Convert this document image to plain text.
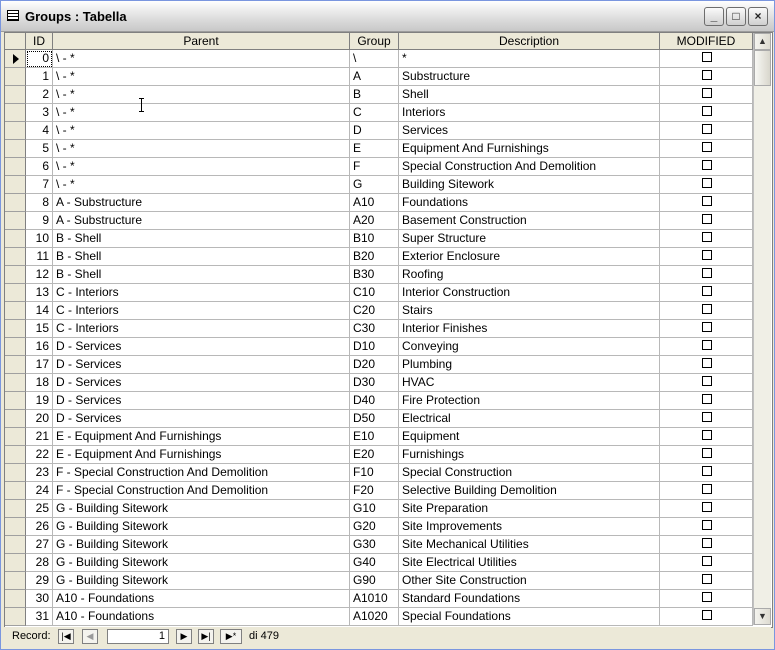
Groups : Tabella	_	□	×
ID	Parent	Group	Description	MODIFIED
0 \ - *	\	*
1 \ - *	A	Substructure
2 \ - *	B	Shell
3 \ - *	C	Interiors
4 \ - *	D	Services
5 \ - *	E	Equipment And Furnishings
6 \ - *	F	Special Construction And Demolition
7 \ - *	G	Building Sitework
8 A - Substructure	A10	Foundations
9 A - Substructure	A20	Basement Construction
10 B - Shell	B10	Super Structure
11 B - Shell	B20	Exterior Enclosure
12 B - Shell	B30	Roofing
13 C - Interiors	C10	Interior Construction
14 C - Interiors	C20	Stairs
15 C - Interiors	C30	Interior Finishes
16 D - Services	D10	Conveying
17 D - Services	D20	Plumbing
18 D - Services	D30	HVAC
19 D - Services	D40	Fire Protection
20 D - Services	D50	Electrical
21 E - Equipment And Furnishings	E10	Equipment
22 E - Equipment And Furnishings	E20	Furnishings
23 F - Special Construction And Demolition	F10	Special Construction
24 F - Special Construction And Demolition	F20	Selective Building Demolition
25 G - Building Sitework	G10	Site Preparation
26 G - Building Sitework	G20	Site Improvements
27 G - Building Sitework	G30	Site Mechanical Utilities
28 G - Building Sitework	G40	Site Electrical Utilities
29 G - Building Sitework	G90	Other Site Construction
30 A10 - Foundations	A1010	Standard Foundations
31 A10 - Foundations	A1020	Special Foundations
▲
▼
Record:	|◀	◀	1	▶	▶|	▶*	di 479
